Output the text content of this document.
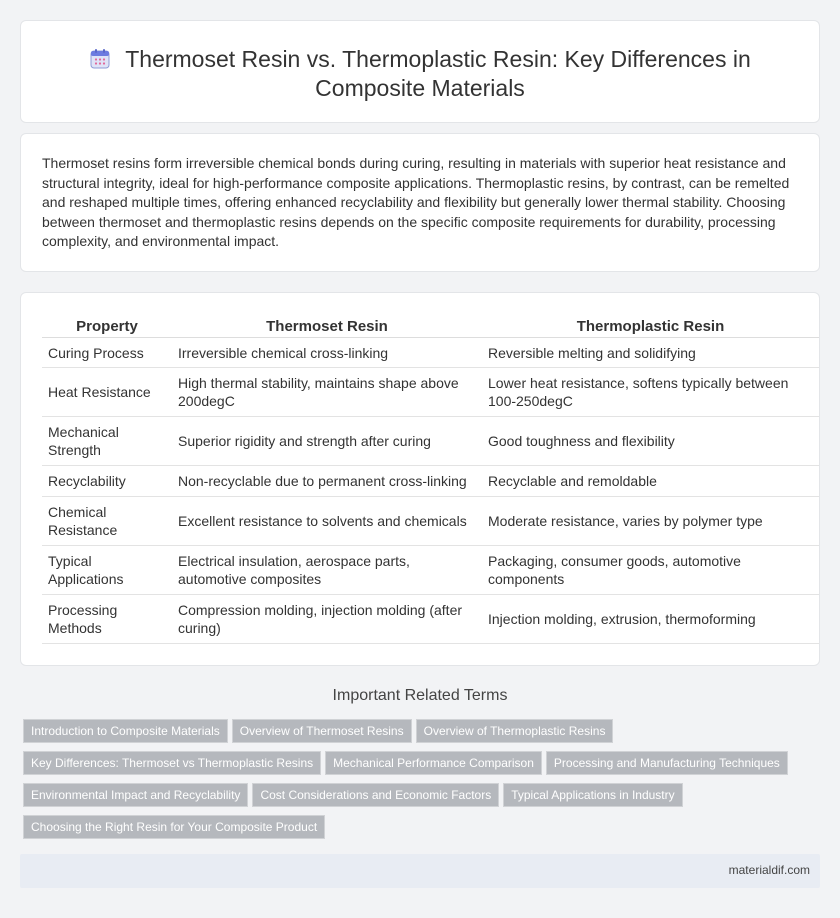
Thermoset Resin vs. Thermoplastic Resin: Key Differences in Composite Materials

Thermoset resins form irreversible chemical bonds during curing, resulting in materials with superior heat resistance and structural integrity, ideal for high-performance composite applications. Thermoplastic resins, by contrast, can be remelted and reshaped multiple times, offering enhanced recyclability and flexibility but generally lower thermal stability. Choosing between thermoset and thermoplastic resins depends on the specific composite requirements for durability, processing complexity, and environmental impact.

Property	Thermoset Resin	Thermoplastic Resin
Curing Process	Irreversible chemical cross-linking	Reversible melting and solidifying
Heat Resistance	High thermal stability, maintains shape above 200degC	Lower heat resistance, softens typically between 100-250degC
Mechanical Strength	Superior rigidity and strength after curing	Good toughness and flexibility
Recyclability	Non-recyclable due to permanent cross-linking	Recyclable and remoldable
Chemical Resistance	Excellent resistance to solvents and chemicals	Moderate resistance, varies by polymer type
Typical Applications	Electrical insulation, aerospace parts, automotive composites	Packaging, consumer goods, automotive components
Processing Methods	Compression molding, injection molding (after curing)	Injection molding, extrusion, thermoforming
Important Related Terms
Introduction to Composite Materials Overview of Thermoset Resins Overview of Thermoplastic Resins
Key Differences: Thermoset vs Thermoplastic Resins Mechanical Performance Comparison Processing and Manufacturing Techniques
Environmental Impact and Recyclability Cost Considerations and Economic Factors Typical Applications in Industry
Choosing the Right Resin for Your Composite Product
materialdif.com
